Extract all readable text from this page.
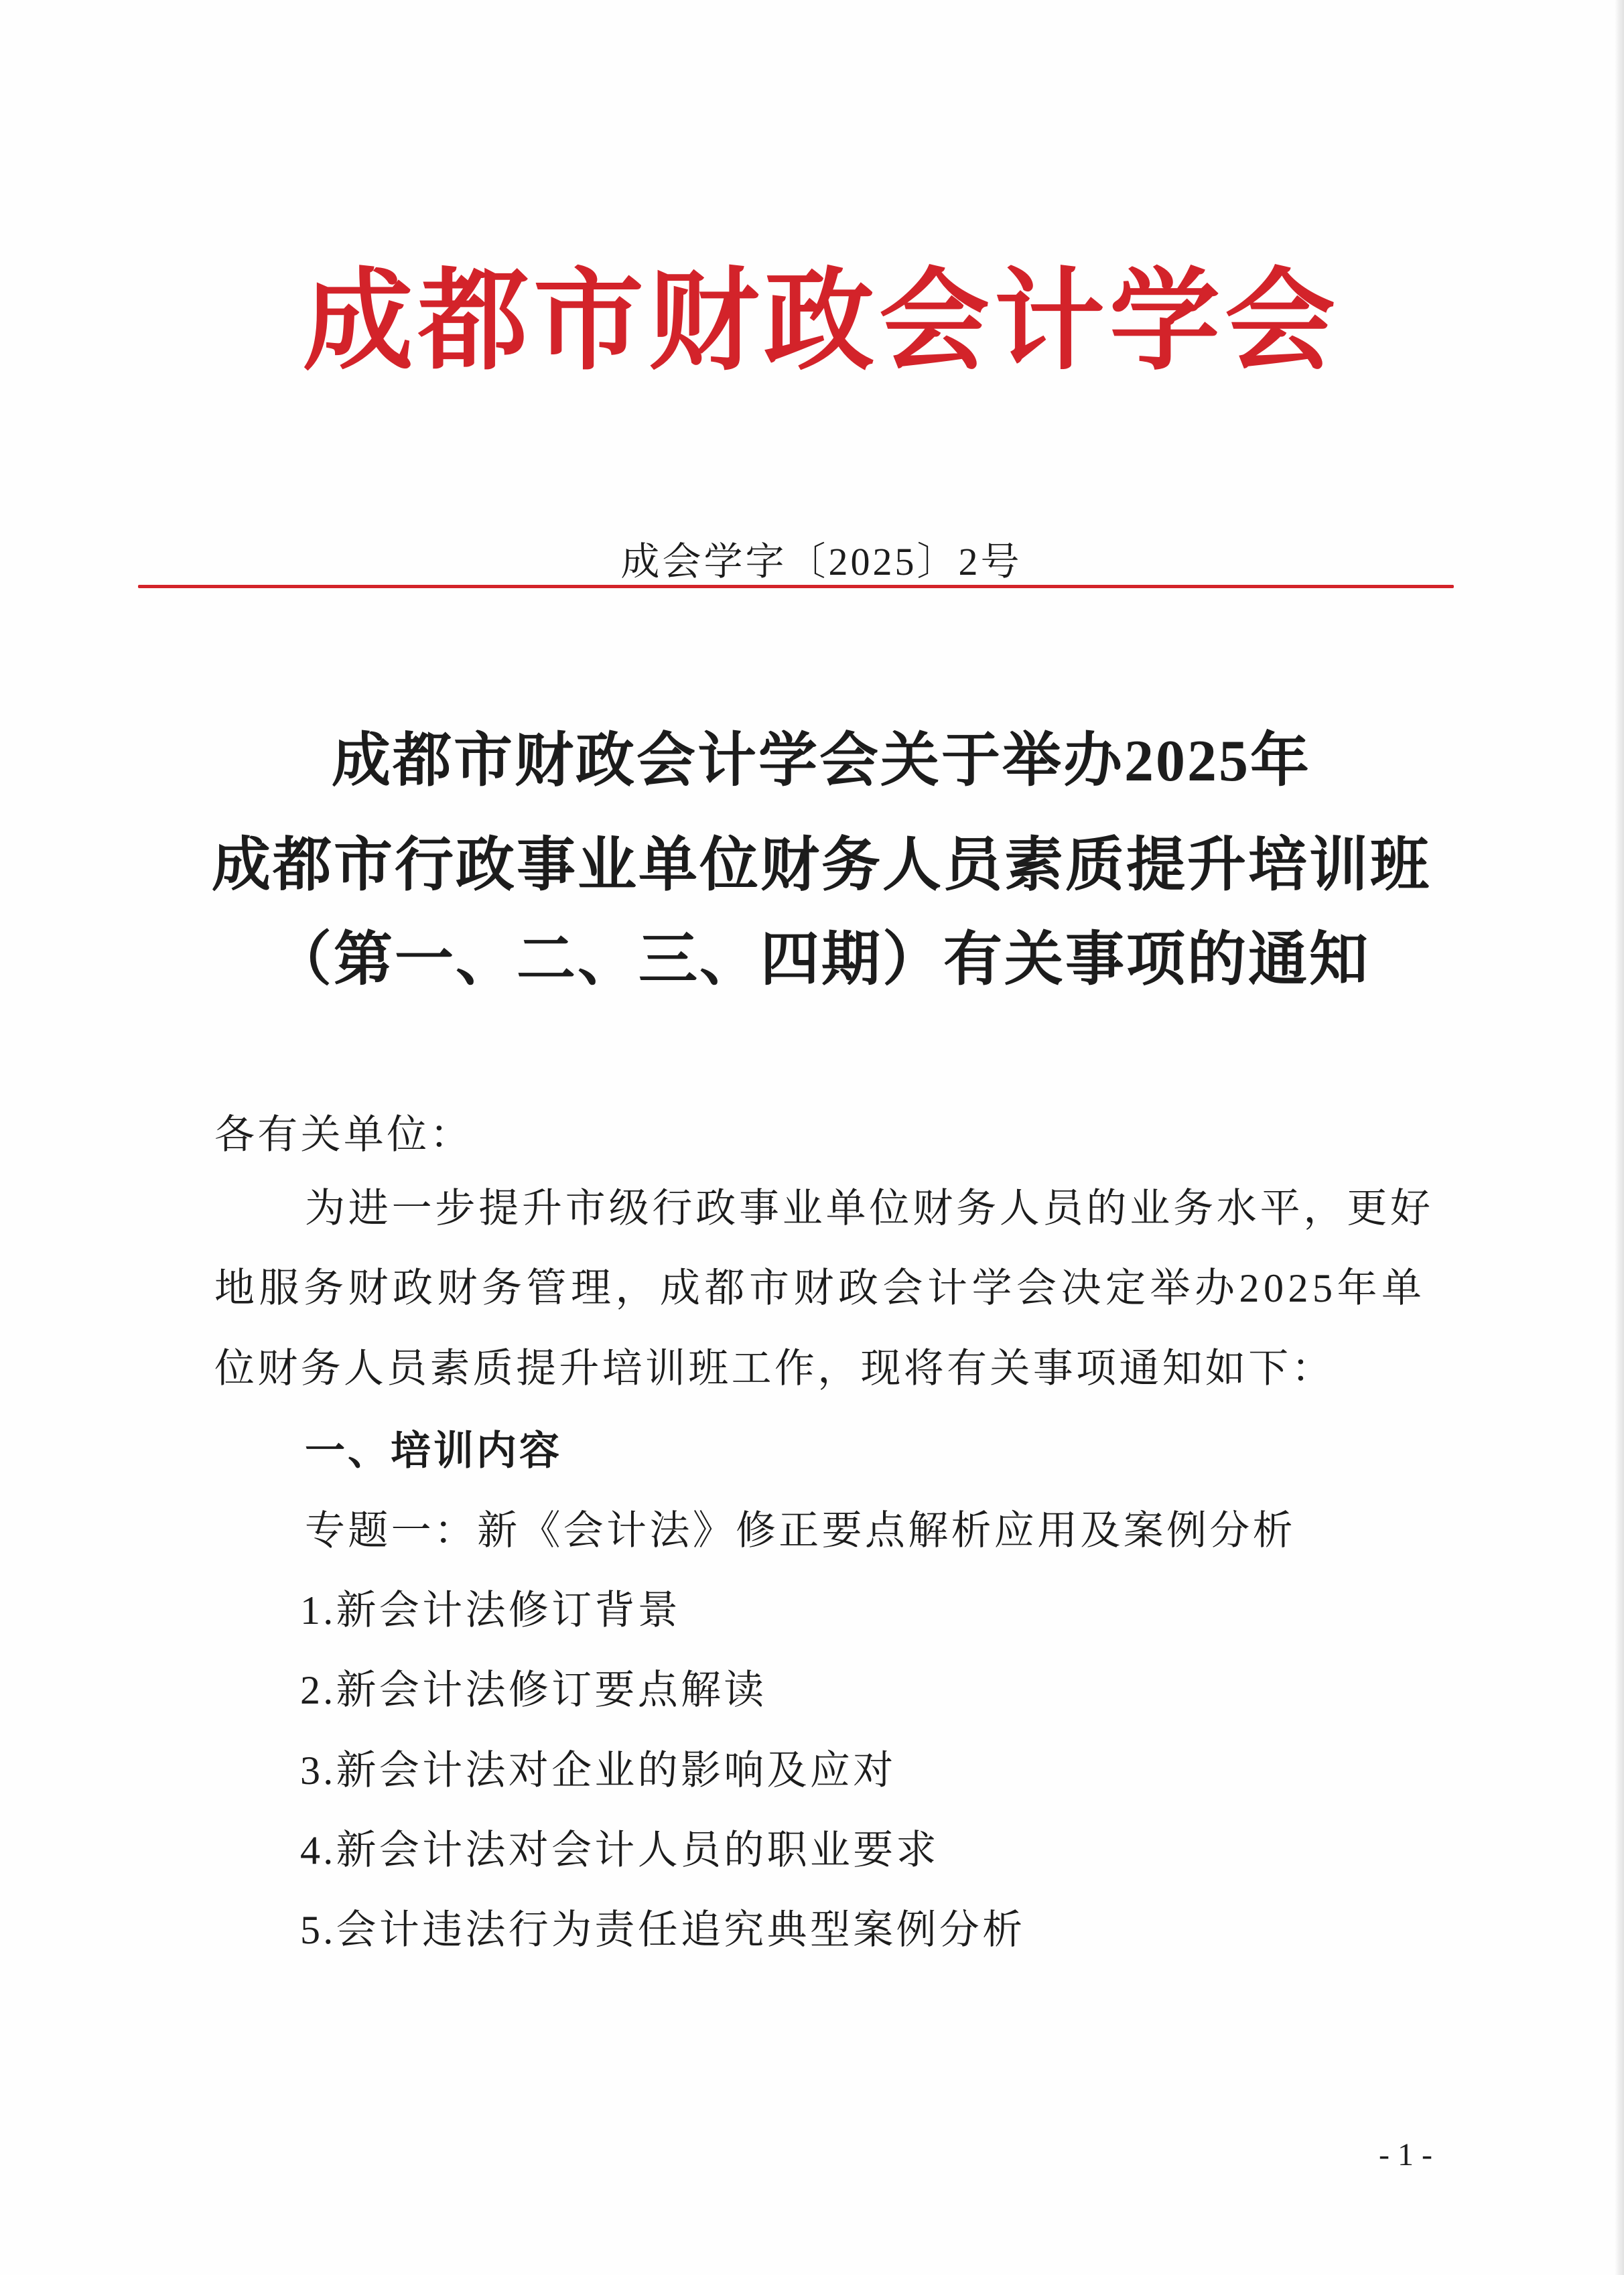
成都市财政会计学会
成会学字〔2025〕2号
成都市财政会计学会关于举办2025年
成都市行政事业单位财务人员素质提升培训班
（第一、二、三、四期）有关事项的通知
各有关单位：
为进一步提升市级行政事业单位财务人员的业务水平，更好
地服务财政财务管理，成都市财政会计学会决定举办2025年单
位财务人员素质提升培训班工作，现将有关事项通知如下：
一、培训内容
专题一：新《会计法》修正要点解析应用及案例分析
1.新会计法修订背景
2.新会计法修订要点解读
3.新会计法对企业的影响及应对
4.新会计法对会计人员的职业要求
5.会计违法行为责任追究典型案例分析
- 1 -
